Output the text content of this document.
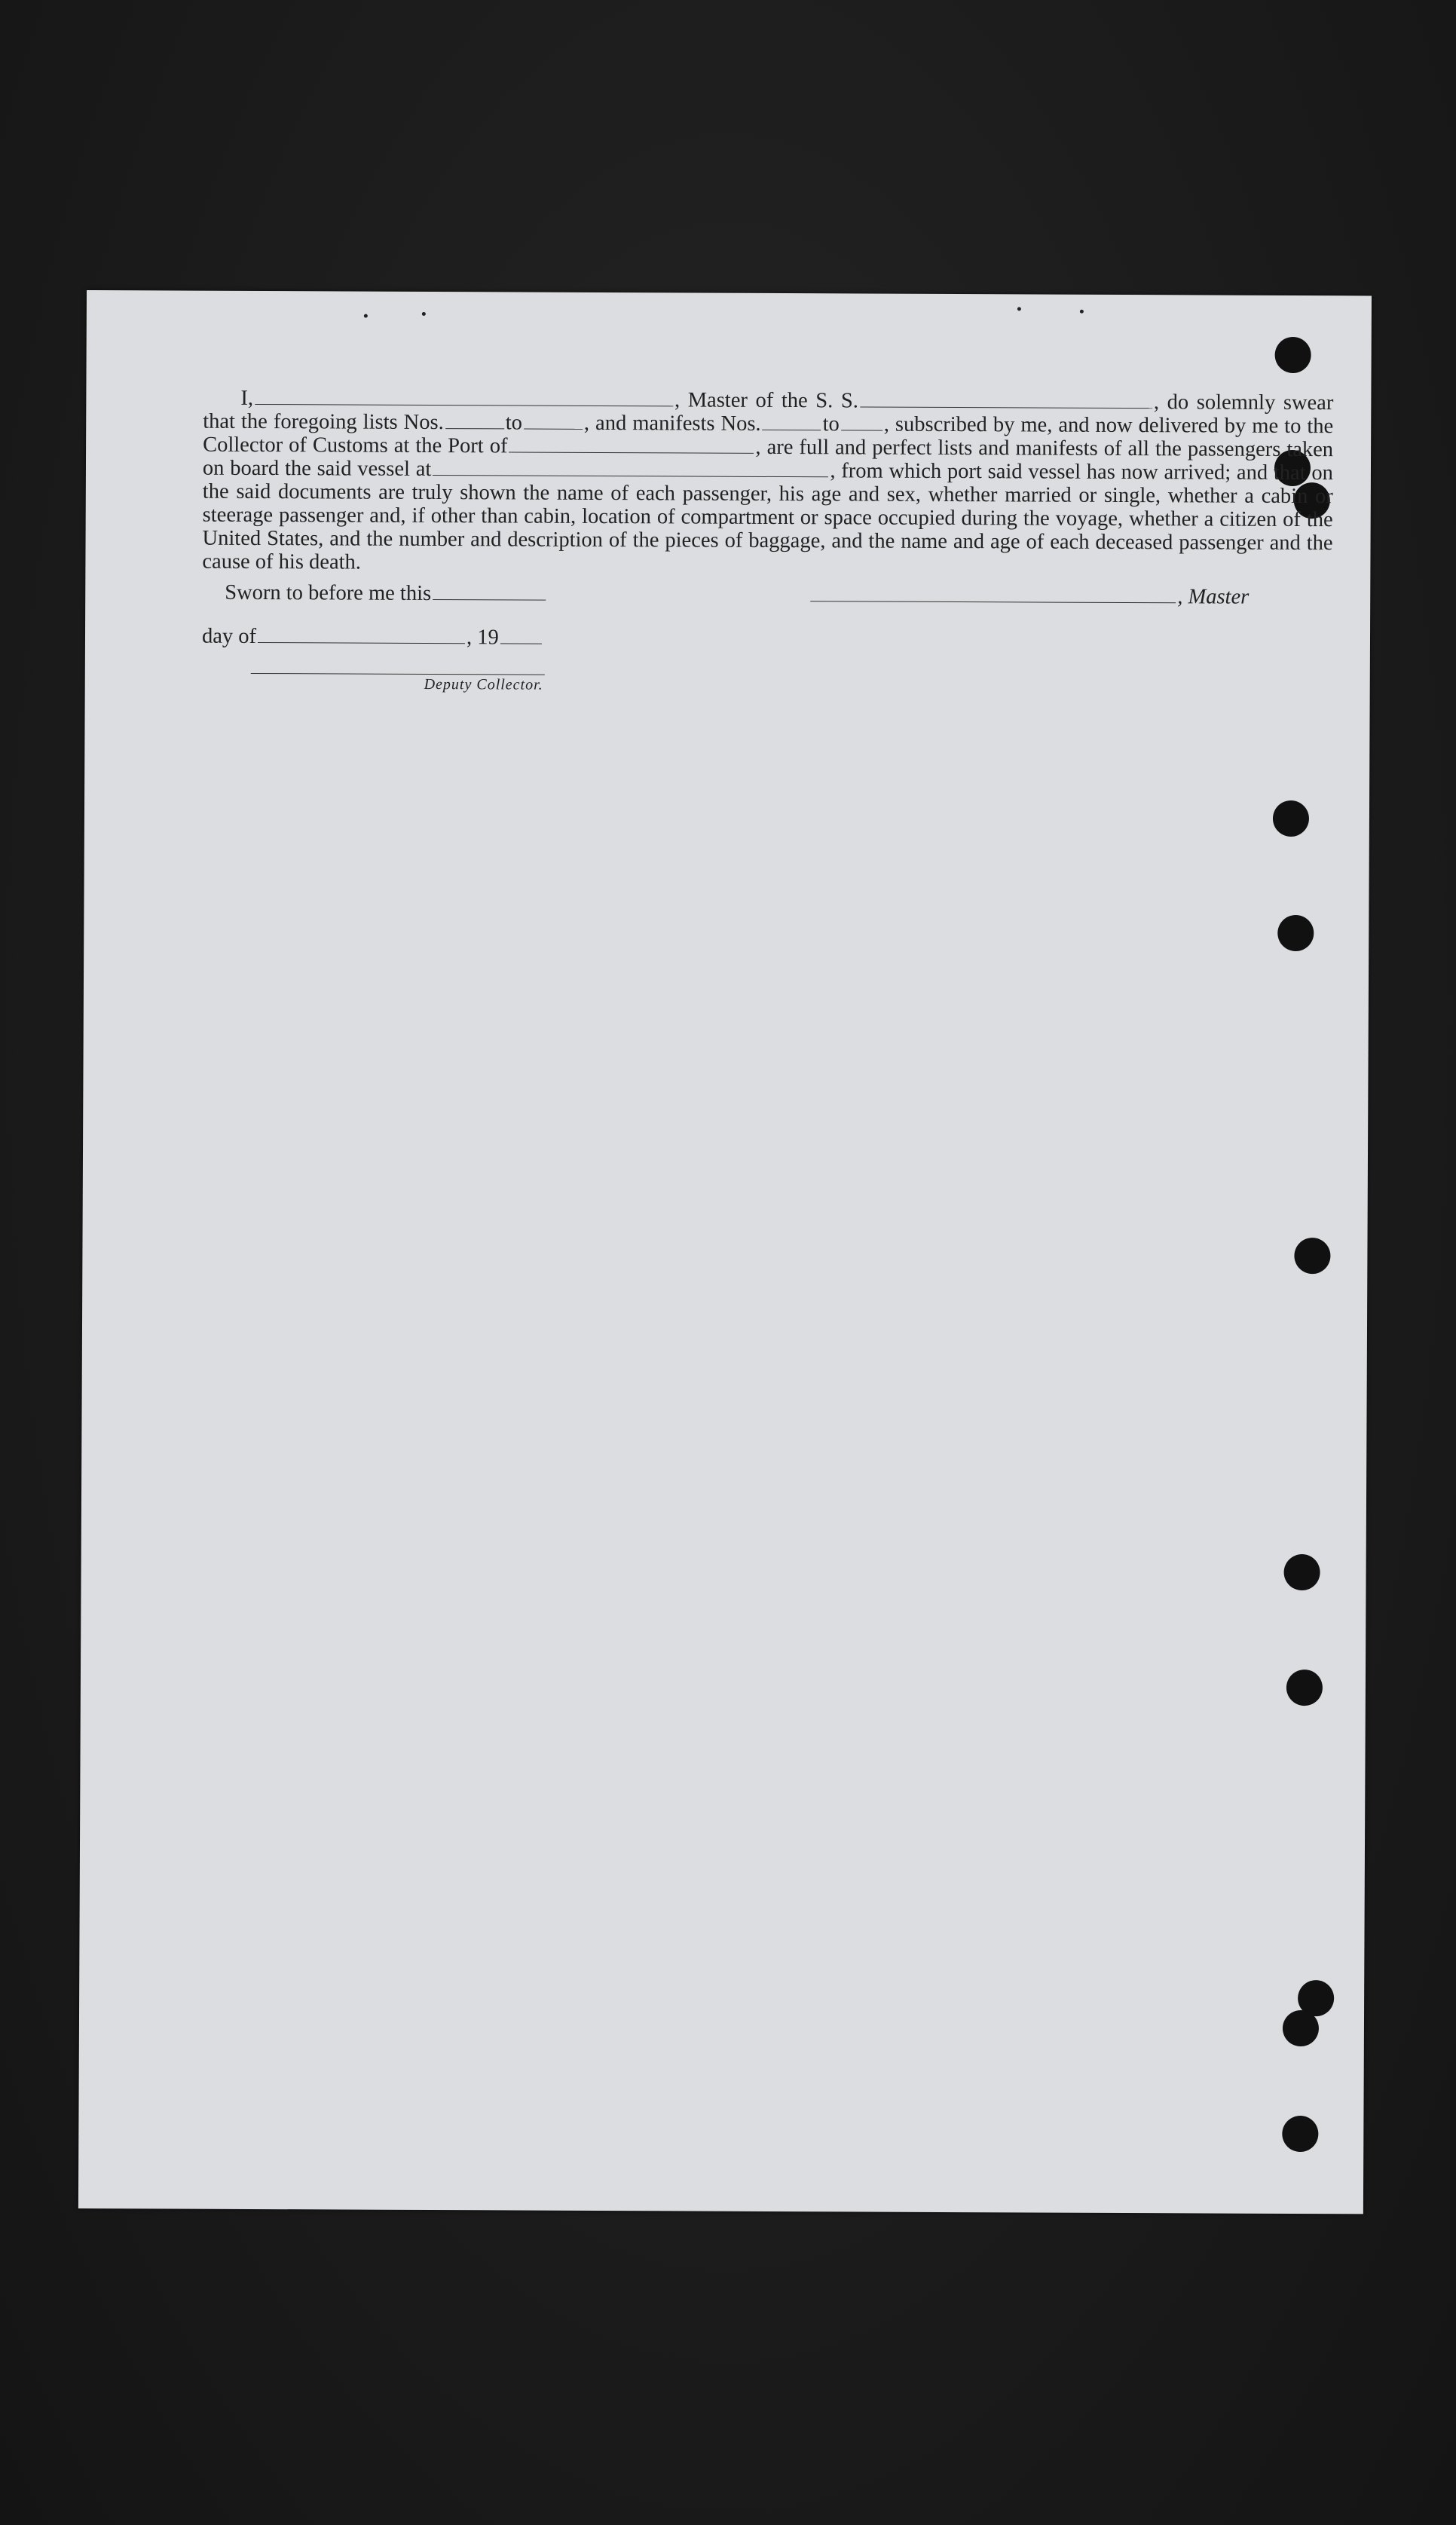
I,	, Master of the S. S.	, do solemnly swear that the foregoing lists Nos.	to	, and manifests Nos.	to , subscribed by me, and now delivered by me to the Collector of Customs at the Port of	, are full and perfect lists and manifests of all the passengers taken on board the said vessel at	, from which port said vessel has now arrived; and that on the said documents are truly shown the name of each passenger, his age and sex, whether married or single, whether a cabin or steerage passenger and, if other than cabin, location of compartment or space occupied during the voyage, whether a citizen of the United States, and the number and description of the pieces of baggage, and the name and age of each deceased passenger and the cause of his death.

Sworn to before me this	, Master
day of	, 19
Deputy Collector.
